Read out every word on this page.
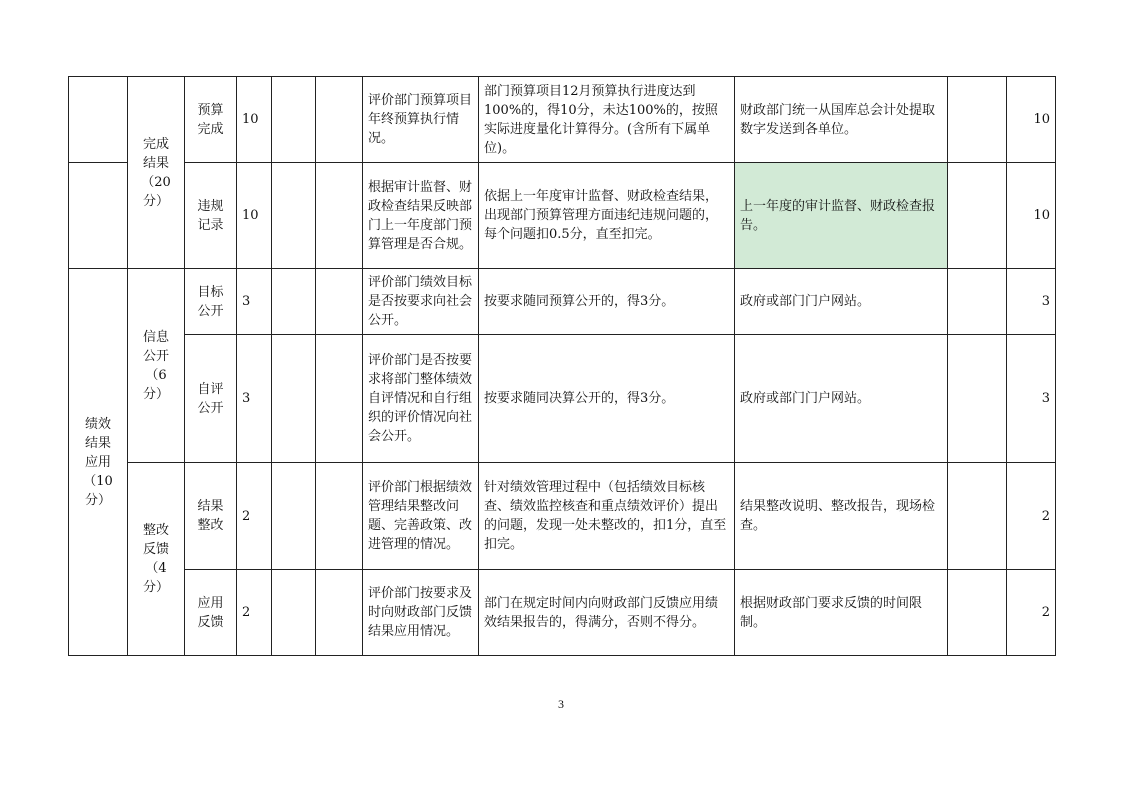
	完成结果（20分）	预算完成	10			评价部门预算项目年终预算执行情况。	部门预算项目12月预算执行进度达到100%的，得10分，未达100%的，按照实际进度量化计算得分。(含所有下属单位)。	财政部门统一从国库总会计处提取数字发送到各单位。		10
		违规记录	10			根据审计监督、财政检查结果反映部门上一年度部门预算管理是否合规。	依据上一年度审计监督、财政检查结果，出现部门预算管理方面违纪违规问题的，每个问题扣0.5分，直至扣完。	上一年度的审计监督、财政检查报告。		10
绩效结果应用（10分）	信息公开（6分）	目标公开	3			评价部门绩效目标是否按要求向社会公开。	按要求随同预算公开的，得3分。	政府或部门门户网站。		3
		自评公开	3			评价部门是否按要求将部门整体绩效自评情况和自行组织的评价情况向社会公开。	按要求随同决算公开的，得3分。	政府或部门门户网站。		3
	整改反馈（4分）	结果整改	2			评价部门根据绩效管理结果整改问题、完善政策、改进管理的情况。	针对绩效管理过程中（包括绩效目标核查、绩效监控核查和重点绩效评价）提出的问题，发现一处未整改的，扣1分，直至扣完。	结果整改说明、整改报告，现场检查。		2
		应用反馈	2			评价部门按要求及时向财政部门反馈结果应用情况。	部门在规定时间内向财政部门反馈应用绩效结果报告的，得满分，否则不得分。	根据财政部门要求反馈的时间限制。		2
3
